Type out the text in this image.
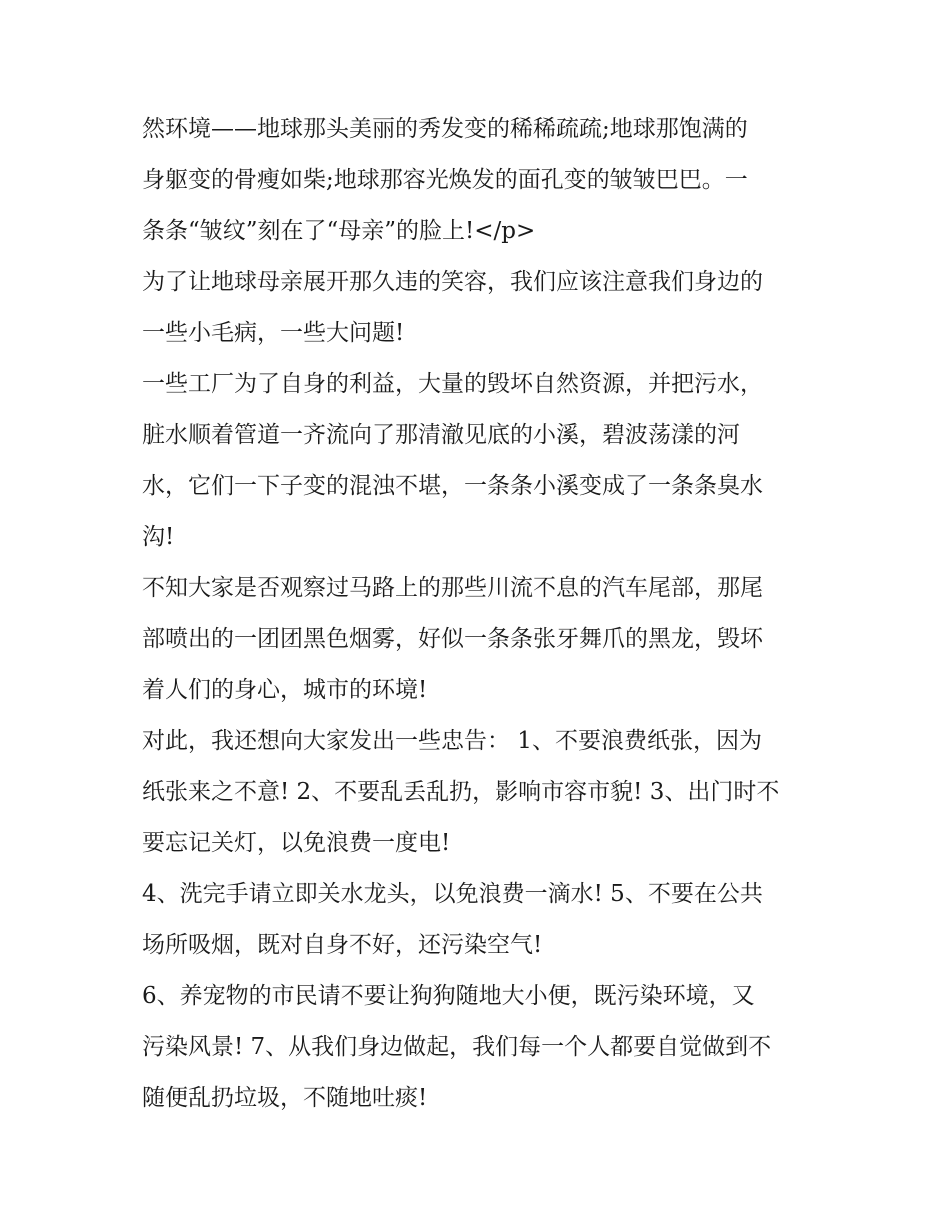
然环境——地球那头美丽的秀发变的稀稀疏疏;地球那饱满的
身躯变的骨瘦如柴;地球那容光焕发的面孔变的皱皱巴巴。一
条条“皱纹”刻在了“母亲”的脸上!</p>
为了让地球母亲展开那久违的笑容，我们应该注意我们身边的
一些小毛病，一些大问题!
一些工厂为了自身的利益，大量的毁坏自然资源，并把污水，
脏水顺着管道一齐流向了那清澈见底的小溪，碧波荡漾的河
水，它们一下子变的混浊不堪，一条条小溪变成了一条条臭水
沟!
不知大家是否观察过马路上的那些川流不息的汽车尾部，那尾
部喷出的一团团黑色烟雾，好似一条条张牙舞爪的黑龙，毁坏
着人们的身心，城市的环境!
对此，我还想向大家发出一些忠告： 1、不要浪费纸张，因为
纸张来之不意! 2、不要乱丢乱扔，影响市容市貌! 3、出门时不
要忘记关灯，以免浪费一度电!
4、洗完手请立即关水龙头，以免浪费一滴水! 5、不要在公共
场所吸烟，既对自身不好，还污染空气!
6、养宠物的市民请不要让狗狗随地大小便，既污染环境，又
污染风景! 7、从我们身边做起，我们每一个人都要自觉做到不
随便乱扔垃圾，不随地吐痰!
